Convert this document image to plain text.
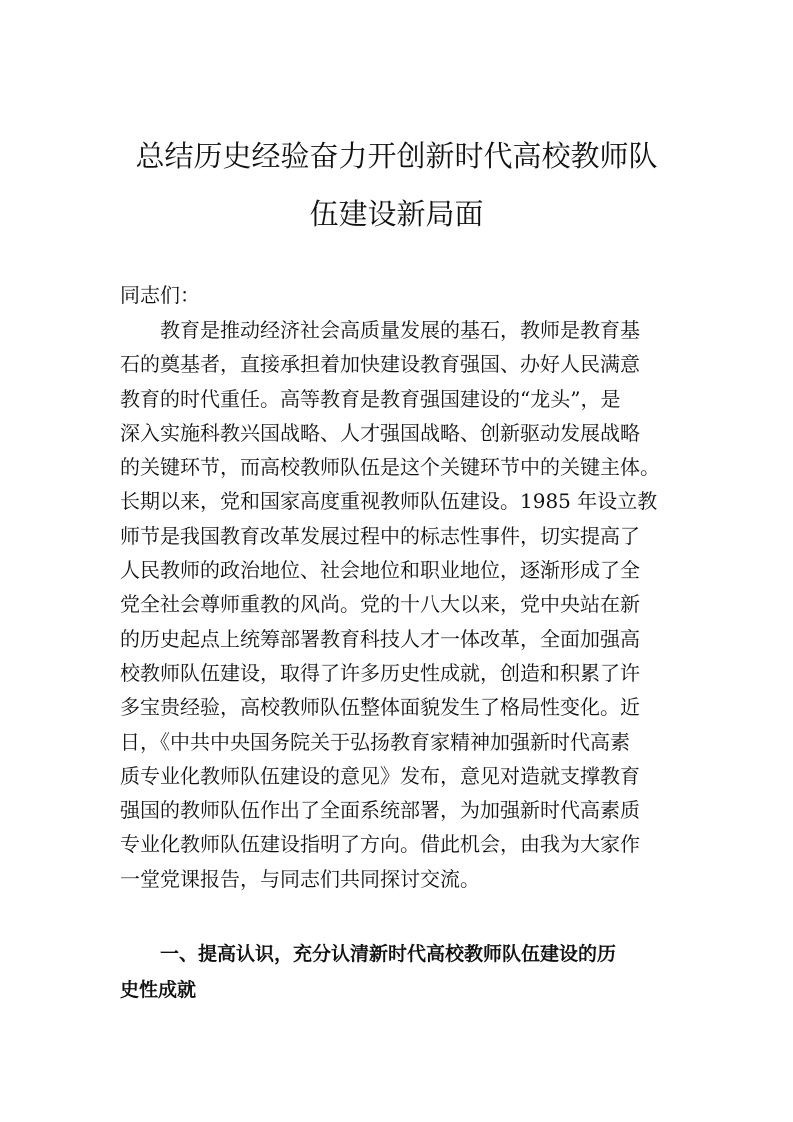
总结历史经验奋力开创新时代高校教师队
伍建设新局面
同志们：
教育是推动经济社会高质量发展的基石，教师是教育基
石的奠基者，直接承担着加快建设教育强国、办好人民满意
教育的时代重任。高等教育是教育强国建设的“龙头”，是
深入实施科教兴国战略、人才强国战略、创新驱动发展战略
的关键环节，而高校教师队伍是这个关键环节中的关键主体。
长期以来，党和国家高度重视教师队伍建设。1985 年设立教
师节是我国教育改革发展过程中的标志性事件，切实提高了
人民教师的政治地位、社会地位和职业地位，逐渐形成了全
党全社会尊师重教的风尚。党的十八大以来，党中央站在新
的历史起点上统筹部署教育科技人才一体改革，全面加强高
校教师队伍建设，取得了许多历史性成就，创造和积累了许
多宝贵经验，高校教师队伍整体面貌发生了格局性变化。近
日，《中共中央国务院关于弘扬教育家精神加强新时代高素
质专业化教师队伍建设的意见》发布，意见对造就支撑教育
强国的教师队伍作出了全面系统部署，为加强新时代高素质
专业化教师队伍建设指明了方向。借此机会，由我为大家作
一堂党课报告，与同志们共同探讨交流。
一、提高认识，充分认清新时代高校教师队伍建设的历
史性成就
